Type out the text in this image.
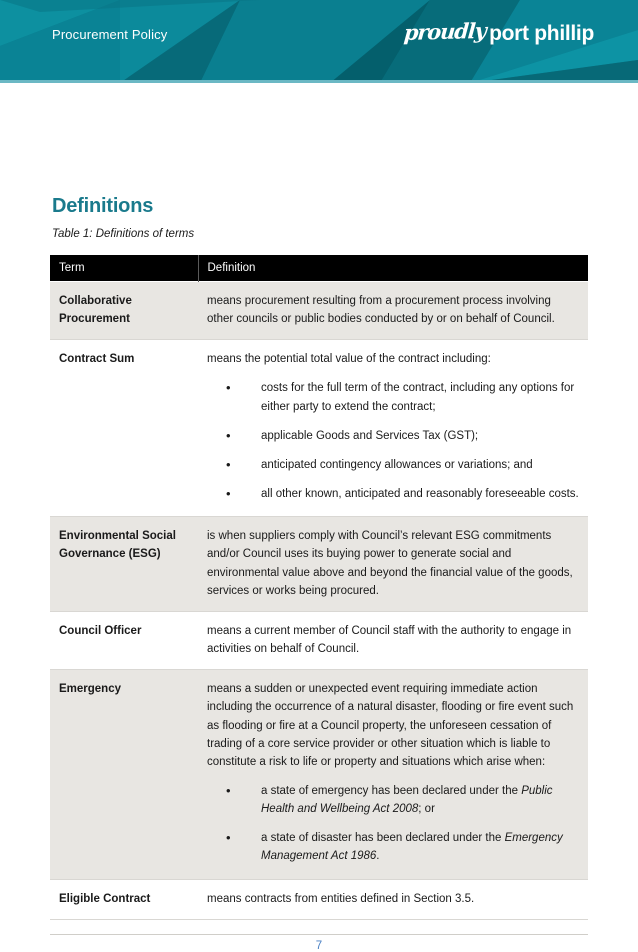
Procurement Policy	proudly port phillip
Definitions
Table 1: Definitions of terms
Term	Definition
Collaborative Procurement	means procurement resulting from a procurement process involving other councils or public bodies conducted by or on behalf of Council.

Contract Sum	means the potential total value of the contract including:

• costs for the full term of the contract, including any options for either party to extend the contract;
• applicable Goods and Services Tax (GST);
• anticipated contingency allowances or variations; and
• all other known, anticipated and reasonably foreseeable costs.

Environmental Social Governance (ESG)	is when suppliers comply with Council’s relevant ESG commitments and/or Council uses its buying power to generate social and environmental value above and beyond the financial value of the goods, services or works being procured.

Council Officer	means a current member of Council staff with the authority to engage in activities on behalf of Council.

Emergency	means a sudden or unexpected event requiring immediate action including the occurrence of a natural disaster, flooding or fire event such as flooding or fire at a Council property, the unforeseen cessation of trading of a core service provider or other situation which is liable to constitute a risk to life or property and situations which arise when:

• a state of emergency has been declared under the Public Health and Wellbeing Act 2008; or
• a state of disaster has been declared under the Emergency Management Act 1986.

Eligible Contract	means contracts from entities defined in Section 3.5.

7
